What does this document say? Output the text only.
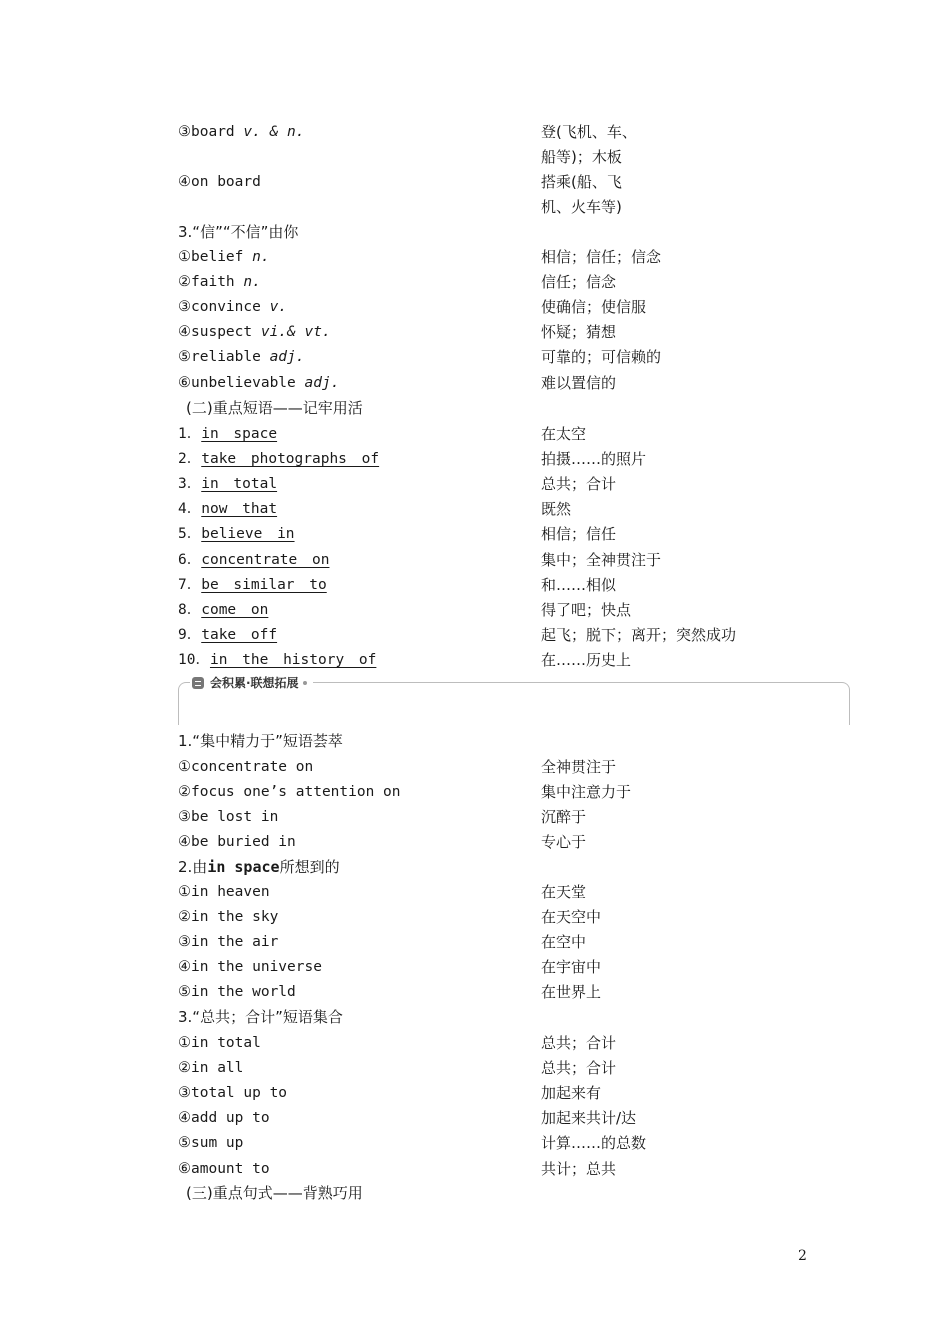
③board v. & n.	登(飞机、车、
船等)；木板
④on board	搭乘(船、飞
机、火车等)
3.“信”“不信”由你
①belief n.	相信；信任；信念
②faith n.	信任；信念
③convince v.	使确信；使信服
④suspect vi.& vt.	怀疑；猜想
⑤reliable adj.	可靠的；可信赖的
⑥unbelievable adj.	难以置信的
(二)重点短语——记牢用活
1．in space	在太空
2．take photographs of	拍摄……的照片
3．in total	总共；合计
4．now that	既然
5．believe in	相信；信任
6．concentrate on	集中；全神贯注于
7．be similar to	和……相似
8．come on	得了吧；快点
9．take off	起飞；脱下；离开；突然成功
10．in the history of	在……历史上
会积累·联想拓展
1.“集中精力于”短语荟萃
①concentrate on	全神贯注于
②focus one’s attention on	集中注意力于
③be lost in	沉醉于
④be buried in	专心于
2.由in space所想到的
①in heaven	在天堂
②in the sky	在天空中
③in the air	在空中
④in the universe	在宇宙中
⑤in the world	在世界上
3.“总共；合计”短语集合
①in total	总共；合计
②in all	总共；合计
③total up to	加起来有
④add up to	加起来共计/达
⑤sum up	计算……的总数
⑥amount to	共计；总共
(三)重点句式——背熟巧用
2
